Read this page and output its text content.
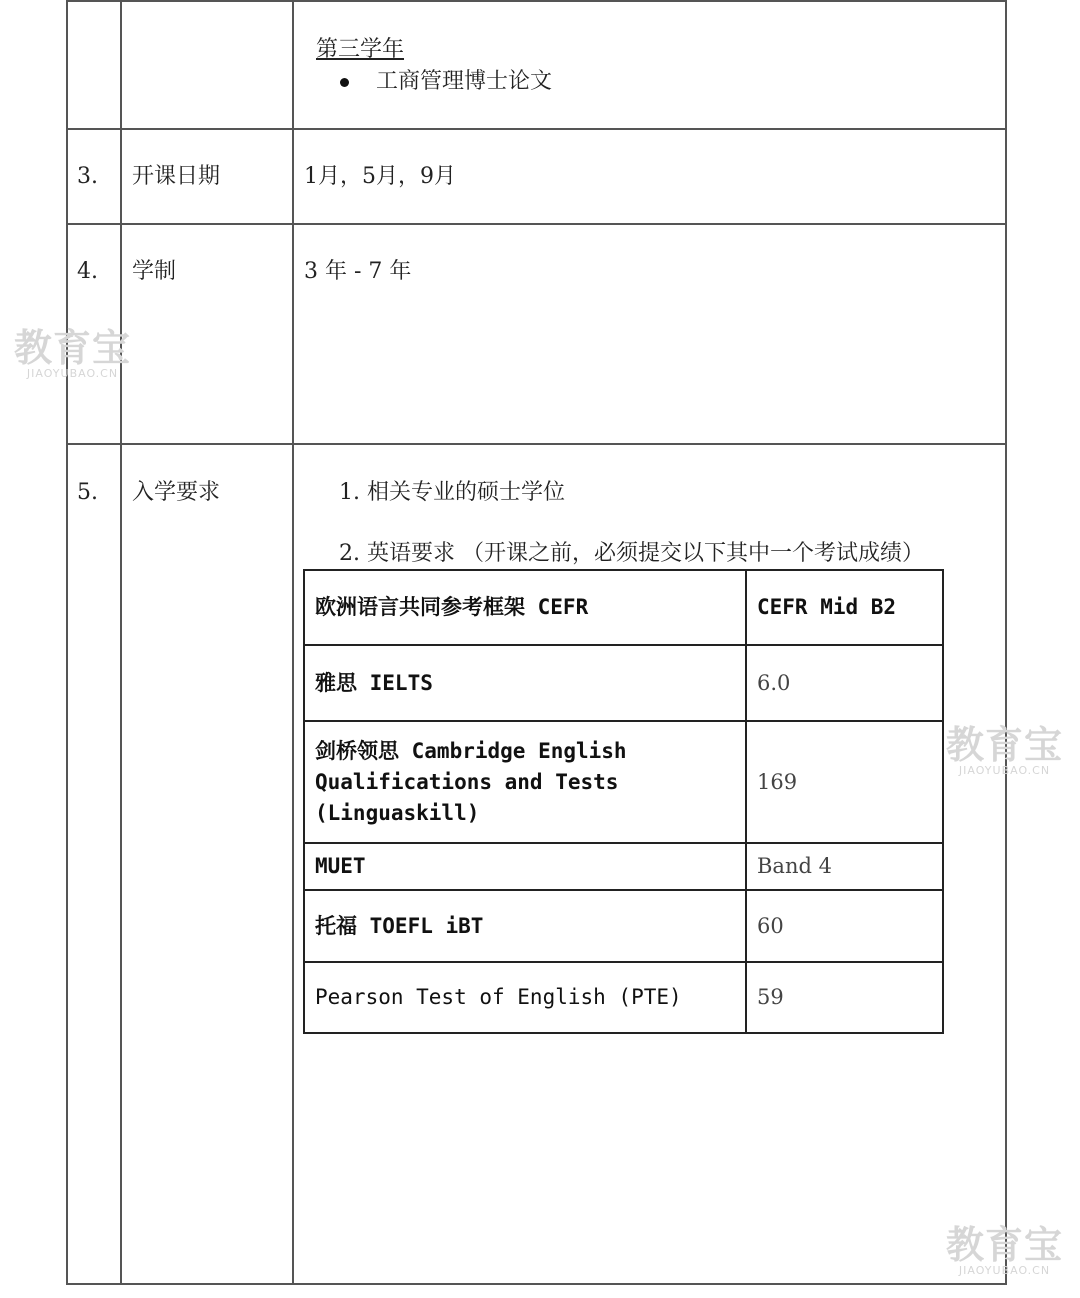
第三学年
工商管理博士论文
3. 开课日期	1月，5月，9月
4. 学制	3 年 - 7 年
5. 入学要求	1. 相关专业的硕士学位
2. 英语要求 （开课之前，必须提交以下其中一个考试成绩）
欧洲语言共同参考框架 CEFR	CEFR Mid B2
雅思 IELTS	6.0
剑桥领思 Cambridge English
Qualifications and Tests
(Linguaskill)	169
MUET	Band 4
托福 TOEFL iBT	60
Pearson Test of English (PTE)	59
教育宝
JIAOYUBAO.CN
教育宝
JIAOYUBAO.CN
教育宝
JIAOYUBAO.CN
